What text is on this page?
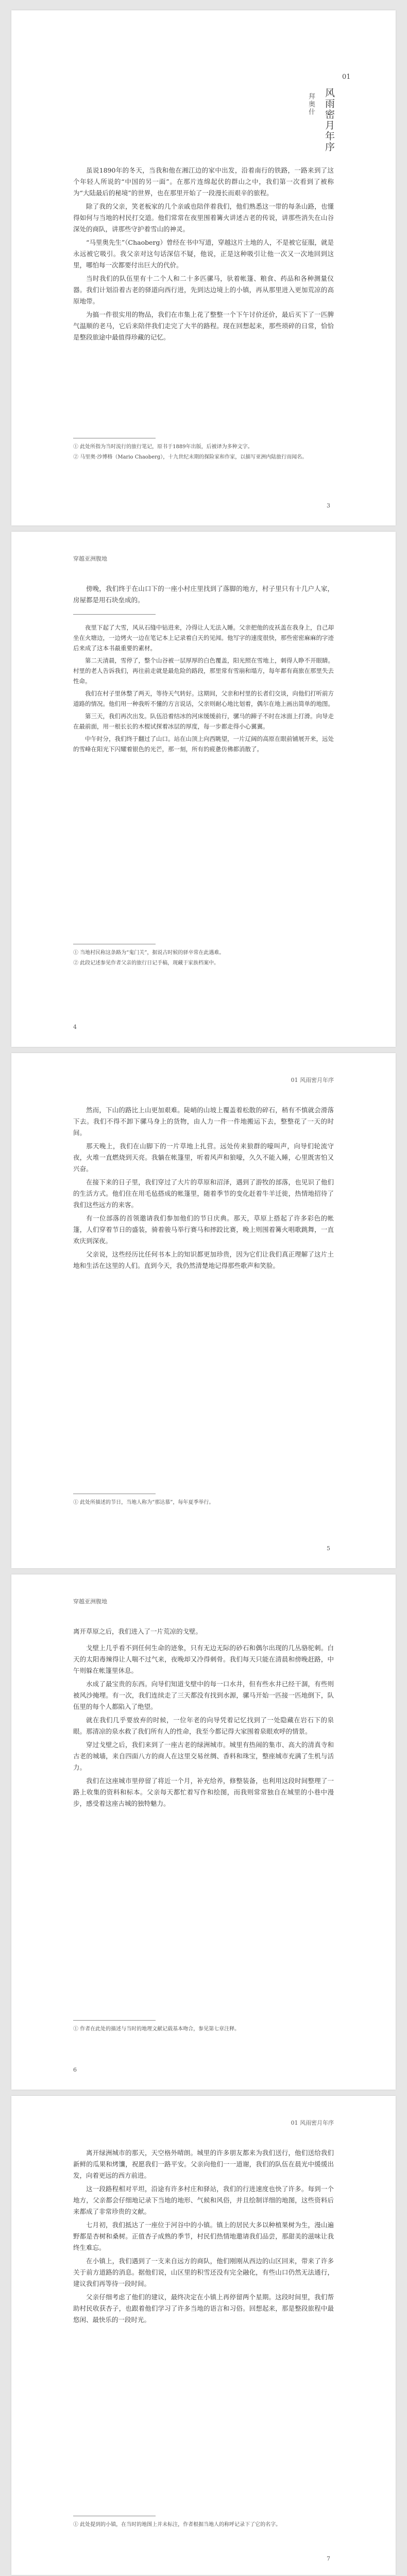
01
风雨密月年序
拜奥什

虽说1890年的冬天，当我和他在湘江边的家中出发，沿着南行的铁路，一路来到了这个年轻人所说的“中国的另一面”。在那片连绵起伏的群山之中，我们第一次看到了被称为“大陆最后的秘境”的世界，也在那里开始了一段漫长而艰辛的旅程。

除了我的父亲，笑老板家的几个亲戚也陪伴着我们，他们熟悉这一带的每条山路，也懂得如何与当地的村民打交道。他们常常在夜里围着篝火讲述古老的传说，讲那些消失在山谷深处的商队，讲那些守护着雪山的神灵。

“马里奥先生”（Chaoberg）曾经在书中写道，穿越这片土地的人，不是被它征服，就是永远被它吸引。我父亲对这句话深信不疑，他说，正是这种吸引让他一次又一次地回到这里，哪怕每一次都要付出巨大的代价。

当时我们的队伍里有十二个人和二十多匹骡马，驮着帐篷、粮食、药品和各种测量仪器。我们计划沿着古老的驿道向西行进，先到达边境上的小镇，再从那里进入更加荒凉的高原地带。

为搞一件很实用的物品，我们在市集上花了整整一个下午讨价还价，最后买下了一匹脾气温顺的老马，它后来陪伴我们走完了大半的路程。现在回想起来，那些琐碎的日常，恰恰是整段旅途中最值得珍藏的记忆。

① 此处所指为当时流行的旅行笔记，原书于1889年出版，后被译为多种文字。

② 马里奥·沙博格（Mario Chaoberg），十九世纪末期的探险家和作家，以描写亚洲内陆旅行而闻名。

3
穿越亚洲腹地

傍晚，我们终于在山口下的一座小村庄里找到了落脚的地方，村子里只有十几户人家，房屋都是用石块垒成的。

夜里下起了大雪，风从石缝中钻进来，冷得让人无法入睡。父亲把他的皮袄盖在我身上，自己却坐在火塘边，一边烤火一边在笔记本上记录着白天的见闻。他写字的速度很快，那些密密麻麻的字迹后来成了这本书最重要的素材。

第二天清晨，雪停了，整个山谷被一层厚厚的白色覆盖，阳光照在雪地上，刺得人睁不开眼睛。村里的老人告诉我们，再往前走就是最危险的路段，那里常有雪崩和塌方，每年都有商旅在那里失去性命。

我们在村子里休整了两天，等待天气转好。这期间，父亲和村里的长者们交谈，向他们打听前方道路的情况。他们用一种我听不懂的方言说话，父亲则耐心地比划着，偶尔在地上画出简单的地图。

第三天，我们再次出发。队伍沿着结冰的河床缓缓前行，骡马的蹄子不时在冰面上打滑。向导走在最前面，用一根长长的木棍试探着冰层的厚度，每一步都走得小心翼翼。

中午时分，我们终于翻过了山口。站在山顶上向西眺望，一片辽阔的高原在眼前铺展开来，远处的雪峰在阳光下闪耀着银色的光芒，那一刻，所有的疲惫仿佛都消散了。

① 当地村民称这条路为“鬼门关”，据说古时候的驿卒常在此遇难。

② 此段记述参见作者父亲的旅行日记手稿，现藏于家族档案中。

4
01 风雨密月年序

然而，下山的路比上山更加艰难。陡峭的山坡上覆盖着松散的碎石，稍有不慎就会滑落下去。我们不得不卸下骡马身上的货物，由人力一件一件地搬运下去，整整花了一天的时间。

那天晚上，我们在山脚下的一片草地上扎营。远处传来狼群的嚎叫声，向导们轮流守夜，火堆一直燃烧到天亮。我躺在帐篷里，听着风声和狼嚎，久久不能入睡，心里既害怕又兴奋。

在接下来的日子里，我们穿过了大片的草原和沼泽，遇到了游牧的部落，也见识了他们的生活方式。他们住在用毛毡搭成的帐篷里，随着季节的变化赶着牛羊迁徙，热情地招待了我们这些远方的来客。

有一位部落的首领邀请我们参加他们的节日庆典。那天，草原上搭起了许多彩色的帐篷，人们穿着节日的盛装，骑着骏马举行赛马和摔跤比赛，晚上则围着篝火唱歌跳舞，一直欢庆到深夜。

父亲说，这些经历比任何书本上的知识都更加珍贵，因为它们让我们真正理解了这片土地和生活在这里的人们。直到今天，我仍然清楚地记得那些歌声和笑脸。

① 此处所描述的节日，当地人称为“那达慕”，每年夏季举行。

5
穿越亚洲腹地

离开草原之后，我们进入了一片荒凉的戈壁。

戈壁上几乎看不到任何生命的迹象，只有无边无际的砂石和偶尔出现的几丛骆驼刺。白天的太阳毒辣得让人喘不过气来，夜晚却又冷得刺骨。我们每天只能在清晨和傍晚赶路，中午则躲在帐篷里休息。

水成了最宝贵的东西。向导们知道戈壁中的每一口水井，但有些水井已经干涸，有些则被风沙掩埋。有一次，我们连续走了三天都没有找到水源，骡马开始一匹接一匹地倒下，队伍里的每个人都陷入了绝望。

就在我们几乎要放弃的时候，一位年老的向导凭着记忆找到了一处隐藏在岩石下的泉眼。那清凉的泉水救了我们所有人的性命，我至今都记得大家围着泉眼欢呼的情景。

穿过戈壁之后，我们来到了一座古老的绿洲城市。城里有热闹的集市、高大的清真寺和古老的城墙，来自四面八方的商人在这里交易丝绸、香料和珠宝，整座城市充满了生机与活力。

我们在这座城市里停留了将近一个月，补充给养，修整装备，也利用这段时间整理了一路上收集的资料和标本。父亲每天都忙着写作和绘图，而我则常常独自在城里的小巷中漫步，感受着这座古城的独特魅力。

① 作者在此处的描述与当时的地理文献记载基本吻合，参见第七章注释。

6
01 风雨密月年序

离开绿洲城市的那天，天空格外晴朗。城里的许多朋友都来为我们送行，他们送给我们新鲜的瓜果和烤馕，祝愿我们一路平安。父亲向他们一一道谢，我们的队伍在晨光中缓缓出发，向着更远的西方前进。

这一段路程相对平坦，沿途有许多村庄和驿站，我们的行进速度也快了许多。每到一个地方，父亲都会仔细地记录下当地的地形、气候和风俗，并且绘制详细的地图，这些资料后来都成了非常珍贵的文献。

七月初，我们抵达了一座位于河谷中的小镇。镇上的居民大多以种植果树为生，漫山遍野都是杏树和桑树。正值杏子成熟的季节，村民们热情地邀请我们品尝，那甜美的滋味让我终生难忘。

在小镇上，我们遇到了一支来自远方的商队，他们刚刚从西边的山区回来，带来了许多关于前方道路的消息。据他们说，山区里的积雪还没有完全融化，有些山口仍然无法通行，建议我们再等待一段时间。

父亲仔细考虑了他们的建议，最终决定在小镇上再停留两个星期。这段时间里，我们帮助村民收获杏子，也跟着他们学习了许多当地的语言和习俗。回想起来，那是整段旅程中最悠闲、最快乐的一段时光。

① 此处提到的小镇，在当时的地图上并未标注，作者根据当地人的称呼记录下了它的名字。

7
